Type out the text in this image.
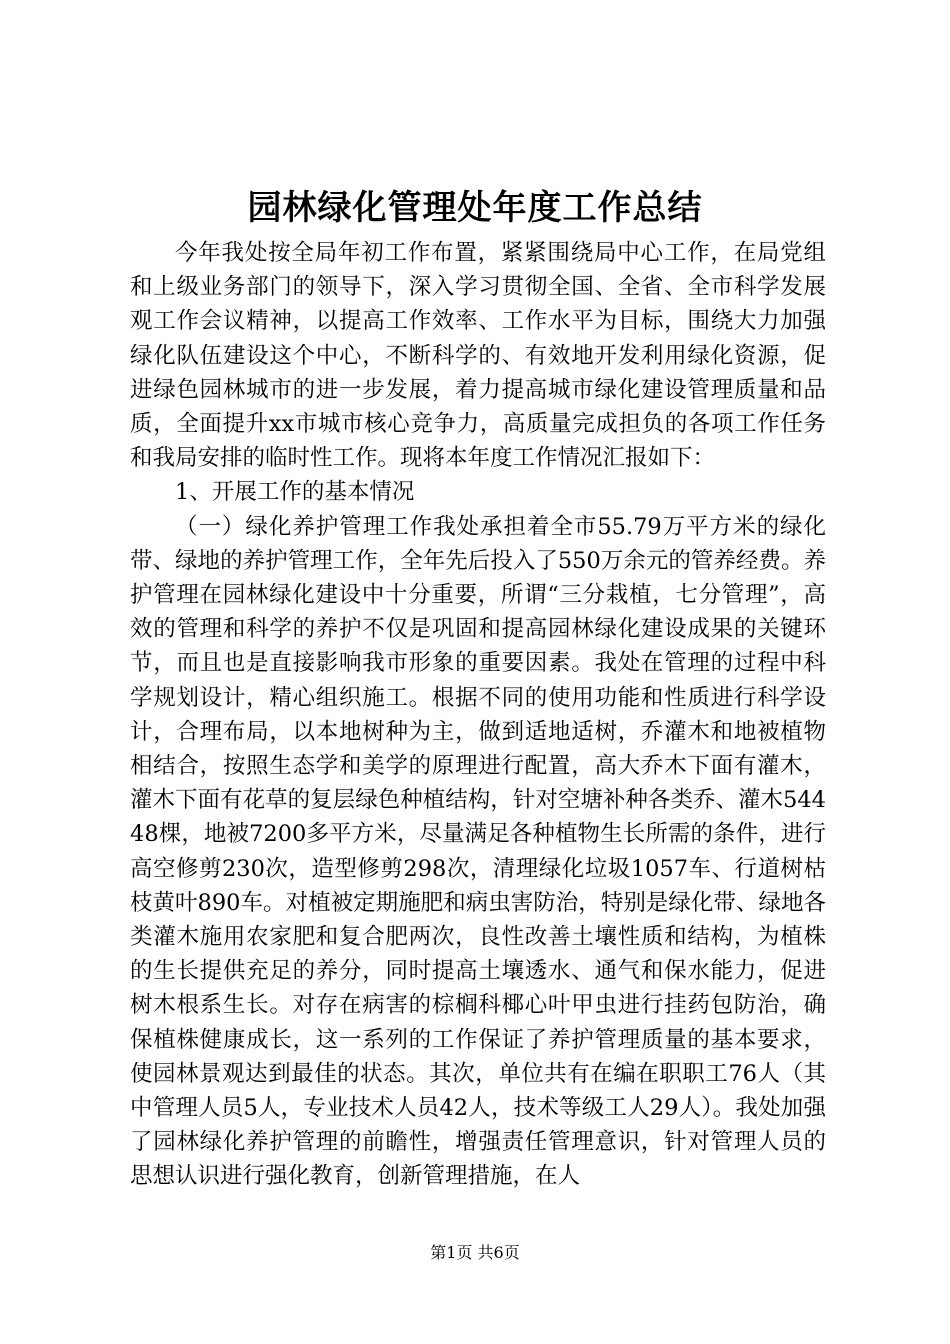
园林绿化管理处年度工作总结

今年我处按全局年初工作布置，紧紧围绕局中心工作，在局党组和上级业务部门的领导下，深入学习贯彻全国、全省、全市科学发展观工作会议精神，以提高工作效率、工作水平为目标，围绕大力加强绿化队伍建设这个中心，不断科学的、有效地开发利用绿化资源，促进绿色园林城市的进一步发展，着力提高城市绿化建设管理质量和品质，全面提升xx市城市核心竞争力，高质量完成担负的各项工作任务和我局安排的临时性工作。现将本年度工作情况汇报如下：

1、开展工作的基本情况

（一）绿化养护管理工作我处承担着全市55.79万平方米的绿化带、绿地的养护管理工作，全年先后投入了550万余元的管养经费。养护管理在园林绿化建设中十分重要，所谓“三分栽植，七分管理”，高效的管理和科学的养护不仅是巩固和提高园林绿化建设成果的关键环节，而且也是直接影响我市形象的重要因素。我处在管理的过程中科学规划设计，精心组织施工。根据不同的使用功能和性质进行科学设计，合理布局，以本地树种为主，做到适地适树，乔灌木和地被植物相结合，按照生态学和美学的原理进行配置，高大乔木下面有灌木，灌木下面有花草的复层绿色种植结构，针对空塘补种各类乔、灌木54448棵，地被7200多平方米，尽量满足各种植物生长所需的条件，进行高空修剪230次，造型修剪298次，清理绿化垃圾1057车、行道树枯枝黄叶890车。对植被定期施肥和病虫害防治，特别是绿化带、绿地各类灌木施用农家肥和复合肥两次，良性改善土壤性质和结构，为植株的生长提供充足的养分，同时提高土壤透水、通气和保水能力，促进树木根系生长。对存在病害的棕榈科椰心叶甲虫进行挂药包防治，确保植株健康成长，这一系列的工作保证了养护管理质量的基本要求，使园林景观达到最佳的状态。其次，单位共有在编在职职工76人（其中管理人员5人，专业技术人员42人，技术等级工人29人）。我处加强了园林绿化养护管理的前瞻性，增强责任管理意识，针对管理人员的思想认识进行强化教育，创新管理措施，在人

第1页 共6页
